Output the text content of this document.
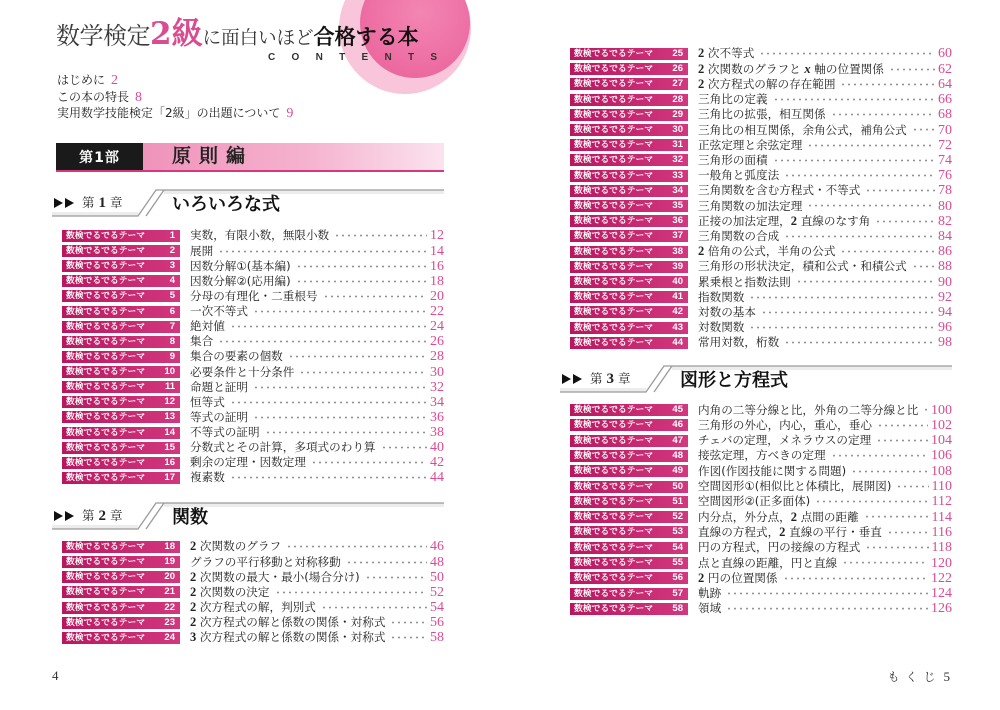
数学検定2級に面白いほど合格する本
CONTENTS
はじめに 2
この本の特長 8
実用数学技能検定「2級」の出題について 9
第1部	原則編
第 1 章	いろいろな式
数検でるでるテーマ	1 実数，有限小数，無限小数	12
数検でるでるテーマ	2 展開	14
数検でるでるテーマ	3 因数分解①(基本編)	16
数検でるでるテーマ	4 因数分解②(応用編)	18
数検でるでるテーマ	5 分母の有理化・二重根号	20
数検でるでるテーマ	6 一次不等式	22
数検でるでるテーマ	7 絶対値	24
数検でるでるテーマ	8 集合	26
数検でるでるテーマ	9 集合の要素の個数	28
数検でるでるテーマ 10 必要条件と十分条件	30
数検でるでるテーマ 11 命題と証明	32
数検でるでるテーマ 12 恒等式	34
数検でるでるテーマ 13 等式の証明	36
数検でるでるテーマ 14 不等式の証明	38
数検でるでるテーマ 15 分数式とその計算，多項式のわり算	40
数検でるでるテーマ 16 剰余の定理・因数定理	42
数検でるでるテーマ 17 複素数	44
第 2 章	関数
数検でるでるテーマ 18 2 次関数のグラフ	46
数検でるでるテーマ 19 グラフの平行移動と対称移動	48
数検でるでるテーマ 20 2 次関数の最大・最小(場合分け)	50
数検でるでるテーマ 21 2 次関数の決定	52
数検でるでるテーマ 22 2 次方程式の解，判別式	54
数検でるでるテーマ 23 2 次方程式の解と係数の関係・対称式	56
数検でるでるテーマ 24 3 次方程式の解と係数の関係・対称式	58
4
数検でるでるテーマ 25 2 次不等式	60
数検でるでるテーマ 26 2 次関数のグラフと x 軸の位置関係	62
数検でるでるテーマ 27 2 次方程式の解の存在範囲	64
数検でるでるテーマ 28 三角比の定義	66
数検でるでるテーマ 29 三角比の拡張，相互関係	68
数検でるでるテーマ 30 三角比の相互関係，余角公式，補角公式 70
数検でるでるテーマ 31 正弦定理と余弦定理	72
数検でるでるテーマ 32 三角形の面積	74
数検でるでるテーマ 33 一般角と弧度法	76
数検でるでるテーマ 34 三角関数を含む方程式・不等式	78
数検でるでるテーマ 35 三角関数の加法定理	80
数検でるでるテーマ 36 正接の加法定理，2 直線のなす角	82
数検でるでるテーマ 37 三角関数の合成	84
数検でるでるテーマ 38 2 倍角の公式，半角の公式	86
数検でるでるテーマ 39 三角形の形状決定，積和公式・和積公式 88
数検でるでるテーマ 40 累乗根と指数法則	90
数検でるでるテーマ 41 指数関数	92
数検でるでるテーマ 42 対数の基本	94
数検でるでるテーマ 43 対数関数	96
数検でるでるテーマ 44 常用対数，桁数	98
第 3 章	図形と方程式
数検でるでるテーマ 45 内角の二等分線と比，外角の二等分線と比 100
数検でるでるテーマ 46 三角形の外心，内心，重心，垂心	102
数検でるでるテーマ 47 チェバの定理，メネラウスの定理	104
数検でるでるテーマ 48 接弦定理，方べきの定理	106
数検でるでるテーマ 49 作図(作図技能に関する問題)	108
数検でるでるテーマ 50 空間図形①(相似比と体積比，展開図)	110
数検でるでるテーマ 51 空間図形②(正多面体)	112
数検でるでるテーマ 52 内分点，外分点，2 点間の距離	114
数検でるでるテーマ 53 直線の方程式，2 直線の平行・垂直	116
数検でるでるテーマ 54 円の方程式，円の接線の方程式	118
数検でるでるテーマ 55 点と直線の距離，円と直線	120
数検でるでるテーマ 56 2 円の位置関係	122
数検でるでるテーマ 57 軌跡	124
数検でるでるテーマ 58 領域	126
もくじ 5
